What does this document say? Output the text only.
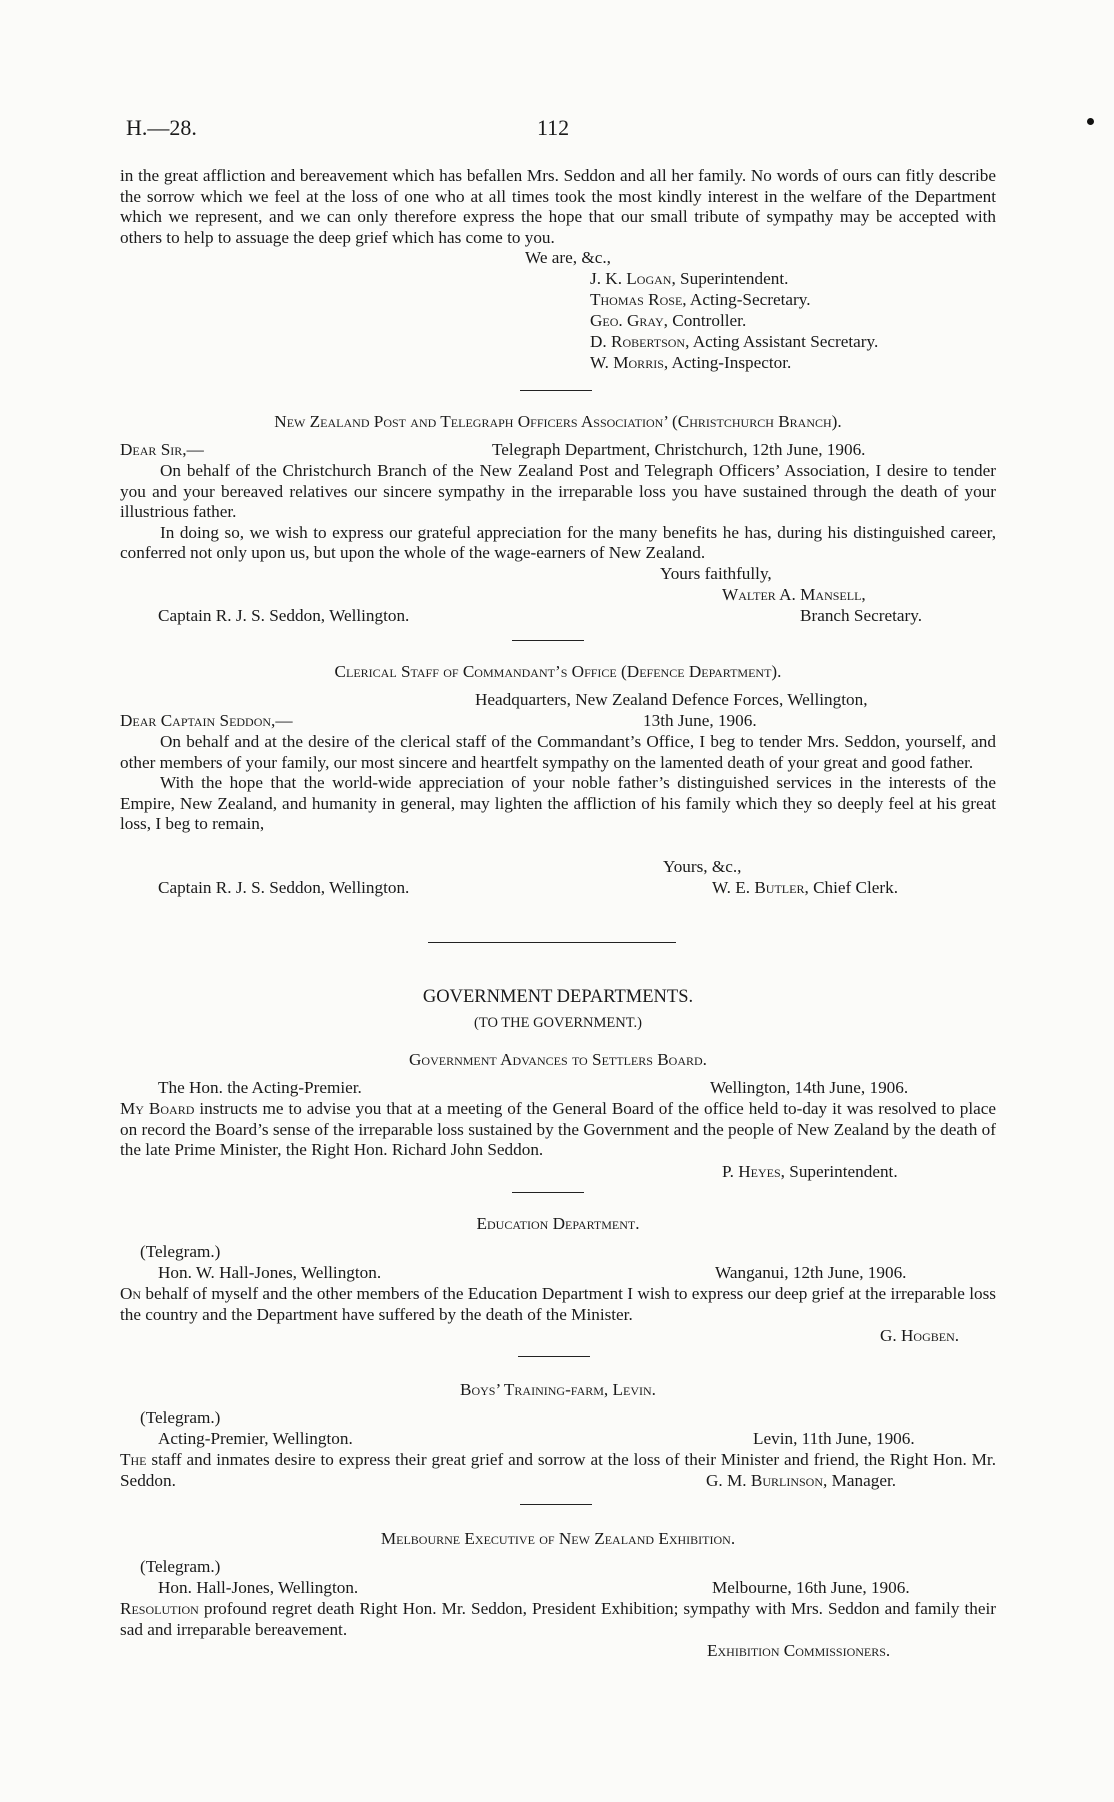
H.—28.	112

in the great affliction and bereavement which has befallen Mrs. Seddon and all her family. No words of ours can fitly describe the sorrow which we feel at the loss of one who at all times took the most kindly interest in the welfare of the Department which we represent, and we can only therefore express the hope that our small tribute of sympathy may be accepted with others to help to assuage the deep grief which has come to you.

We are, &c.,
J. K. Logan, Superintendent.
Thomas Rose, Acting-Secretary.
Geo. Gray, Controller.
D. Robertson, Acting Assistant Secretary.
W. Morris, Acting-Inspector.
New Zealand Post and Telegraph Officers Association’ (Christchurch Branch).
Dear Sir,—	Telegraph Department, Christchurch, 12th June, 1906.

On behalf of the Christchurch Branch of the New Zealand Post and Telegraph Officers’ Association, I desire to tender you and your bereaved relatives our sincere sympathy in the irreparable loss you have sustained through the death of your illustrious father.

In doing so, we wish to express our grateful appreciation for the many benefits he has, during his distinguished career, conferred not only upon us, but upon the whole of the wage-earners of New Zealand.

Yours faithfully,
Walter A. Mansell,
Captain R. J. S. Seddon, Wellington.	Branch Secretary.
Clerical Staff of Commandant’s Office (Defence Department).
Headquarters, New Zealand Defence Forces, Wellington,
Dear Captain Seddon,—	13th June, 1906.

On behalf and at the desire of the clerical staff of the Commandant’s Office, I beg to tender Mrs. Seddon, yourself, and other members of your family, our most sincere and heartfelt sympathy on the lamented death of your great and good father.

With the hope that the world-wide appreciation of your noble father’s distinguished services in the interests of the Empire, New Zealand, and humanity in general, may lighten the affliction of his family which they so deeply feel at his great loss, I beg to remain,

Yours, &c.,
Captain R. J. S. Seddon, Wellington.	W. E. Butler, Chief Clerk.
GOVERNMENT DEPARTMENTS.
(TO THE GOVERNMENT.)
Government Advances to Settlers Board.
The Hon. the Acting-Premier.	Wellington, 14th June, 1906.

My Board instructs me to advise you that at a meeting of the General Board of the office held to-day it was resolved to place on record the Board’s sense of the irreparable loss sustained by the Government and the people of New Zealand by the death of the late Prime Minister, the Right Hon. Richard John Seddon.

P. Heyes, Superintendent.
Education Department.
(Telegram.)
Hon. W. Hall-Jones, Wellington.	Wanganui, 12th June, 1906.

On behalf of myself and the other members of the Education Department I wish to express our deep grief at the irreparable loss the country and the Department have suffered by the death of the Minister.

G. Hogben.
Boys’ Training-farm, Levin.
(Telegram.)
Acting-Premier, Wellington.	Levin, 11th June, 1906.

The staff and inmates desire to express their great grief and sorrow at the loss of their Minister and friend, the Right Hon. Mr. Seddon.	G. M. Burlinson, Manager.
Melbourne Executive of New Zealand Exhibition.
(Telegram.)
Hon. Hall-Jones, Wellington.	Melbourne, 16th June, 1906.

Resolution profound regret death Right Hon. Mr. Seddon, President Exhibition; sympathy with Mrs. Seddon and family their sad and irreparable bereavement.

Exhibition Commissioners.
